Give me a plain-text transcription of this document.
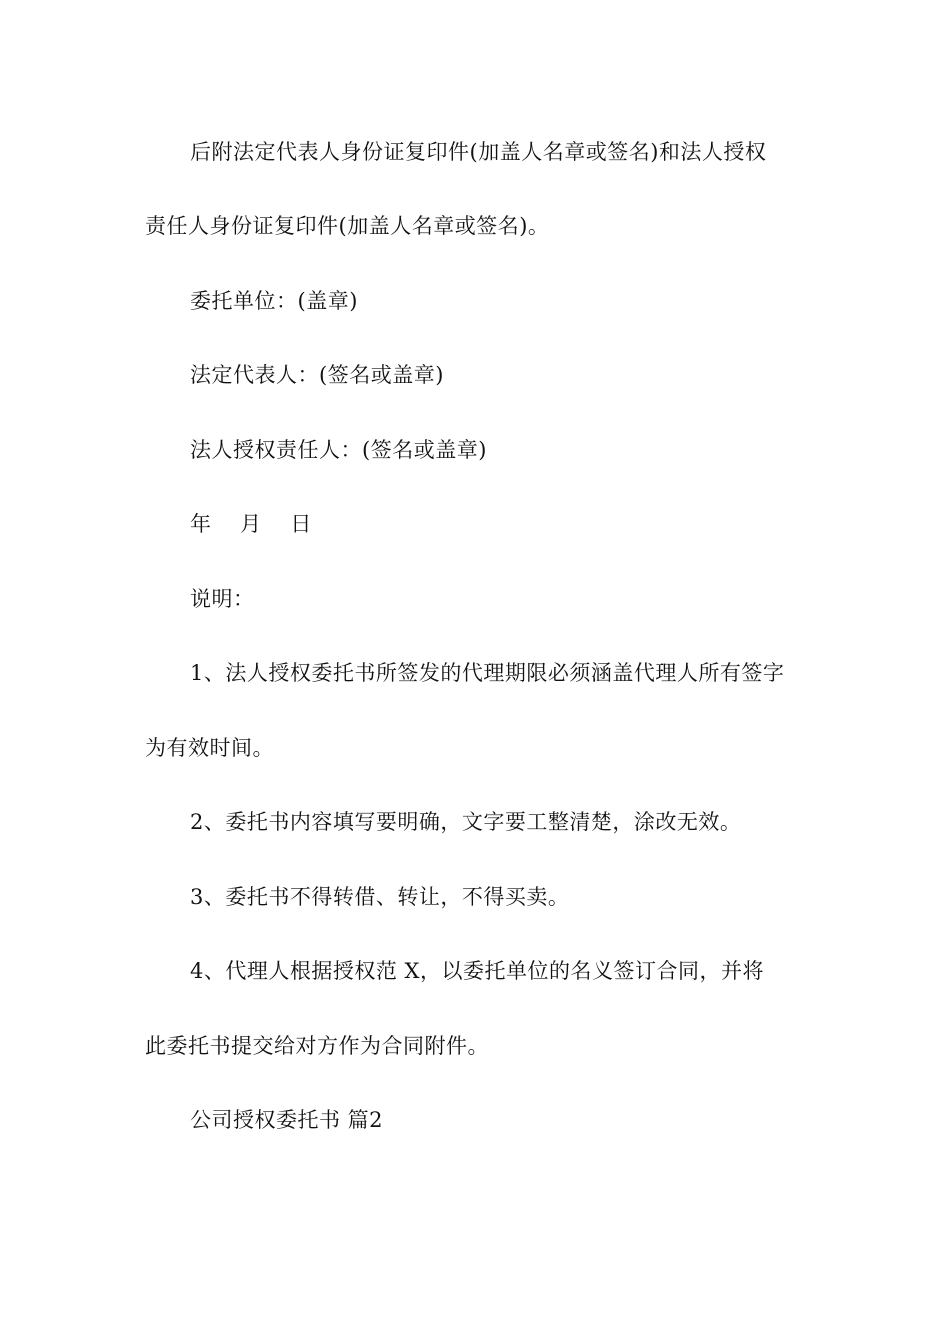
后附法定代表人身份证复印件(加盖人名章或签名)和法人授权
责任人身份证复印件(加盖人名章或签名)。
委托单位：(盖章)
法定代表人：(签名或盖章)
法人授权责任人：(签名或盖章)
年　 月 　日
说明：
1、法人授权委托书所签发的代理期限必须涵盖代理人所有签字
为有效时间。
2、委托书内容填写要明确，文字要工整清楚，涂改无效。
3、委托书不得转借、转让，不得买卖。
4、代理人根据授权范 X，以委托单位的名义签订合同，并将
此委托书提交给对方作为合同附件。
公司授权委托书 篇2
